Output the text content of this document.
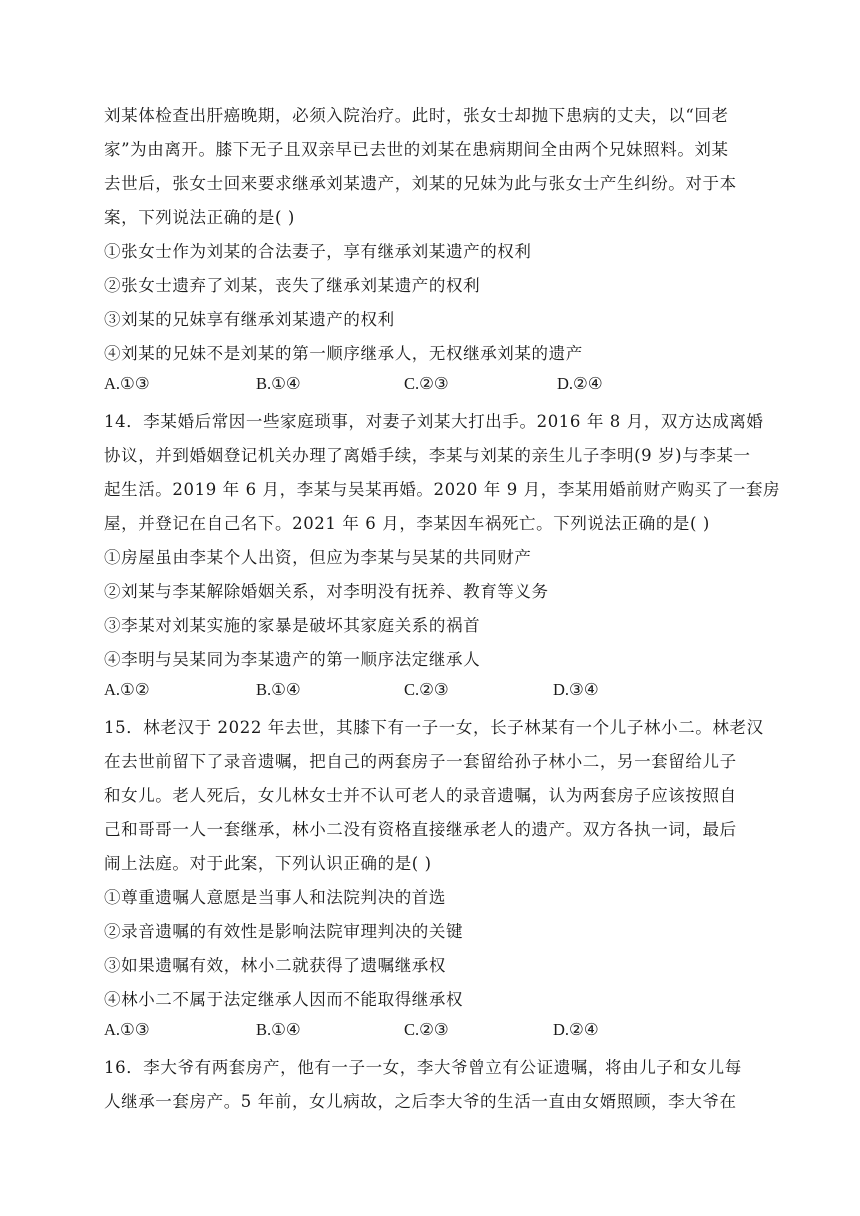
刘某体检查出肝癌晚期，必须入院治疗。此时，张女士却抛下患病的丈夫，以“回老
家”为由离开。膝下无子且双亲早已去世的刘某在患病期间全由两个兄妹照料。刘某
去世后，张女士回来要求继承刘某遗产，刘某的兄妹为此与张女士产生纠纷。对于本
案，下列说法正确的是( )
①张女士作为刘某的合法妻子，享有继承刘某遗产的权利
②张女士遗弃了刘某，丧失了继承刘某遗产的权利
③刘某的兄妹享有继承刘某遗产的权利
④刘某的兄妹不是刘某的第一顺序继承人，无权继承刘某的遗产
A.①③	B.①④	C.②③	D.②④
14．李某婚后常因一些家庭琐事，对妻子刘某大打出手。2016 年 8 月，双方达成离婚
协议，并到婚姻登记机关办理了离婚手续，李某与刘某的亲生儿子李明(9 岁)与李某一
起生活。2019 年 6 月，李某与吴某再婚。2020 年 9 月，李某用婚前财产购买了一套房
屋，并登记在自己名下。2021 年 6 月，李某因车祸死亡。下列说法正确的是( )
①房屋虽由李某个人出资，但应为李某与吴某的共同财产
②刘某与李某解除婚姻关系，对李明没有抚养、教育等义务
③李某对刘某实施的家暴是破坏其家庭关系的祸首
④李明与吴某同为李某遗产的第一顺序法定继承人
A.①②	B.①④	C.②③	D.③④
15．林老汉于 2022 年去世，其膝下有一子一女，长子林某有一个儿子林小二。林老汉
在去世前留下了录音遗嘱，把自己的两套房子一套留给孙子林小二，另一套留给儿子
和女儿。老人死后，女儿林女士并不认可老人的录音遗嘱，认为两套房子应该按照自
己和哥哥一人一套继承，林小二没有资格直接继承老人的遗产。双方各执一词，最后
闹上法庭。对于此案，下列认识正确的是( )
①尊重遗嘱人意愿是当事人和法院判决的首选
②录音遗嘱的有效性是影响法院审理判决的关键
③如果遗嘱有效，林小二就获得了遗嘱继承权
④林小二不属于法定继承人因而不能取得继承权
A.①③	B.①④	C.②③	D.②④
16．李大爷有两套房产，他有一子一女，李大爷曾立有公证遗嘱，将由儿子和女儿每
人继承一套房产。5 年前，女儿病故，之后李大爷的生活一直由女婿照顾，李大爷在
